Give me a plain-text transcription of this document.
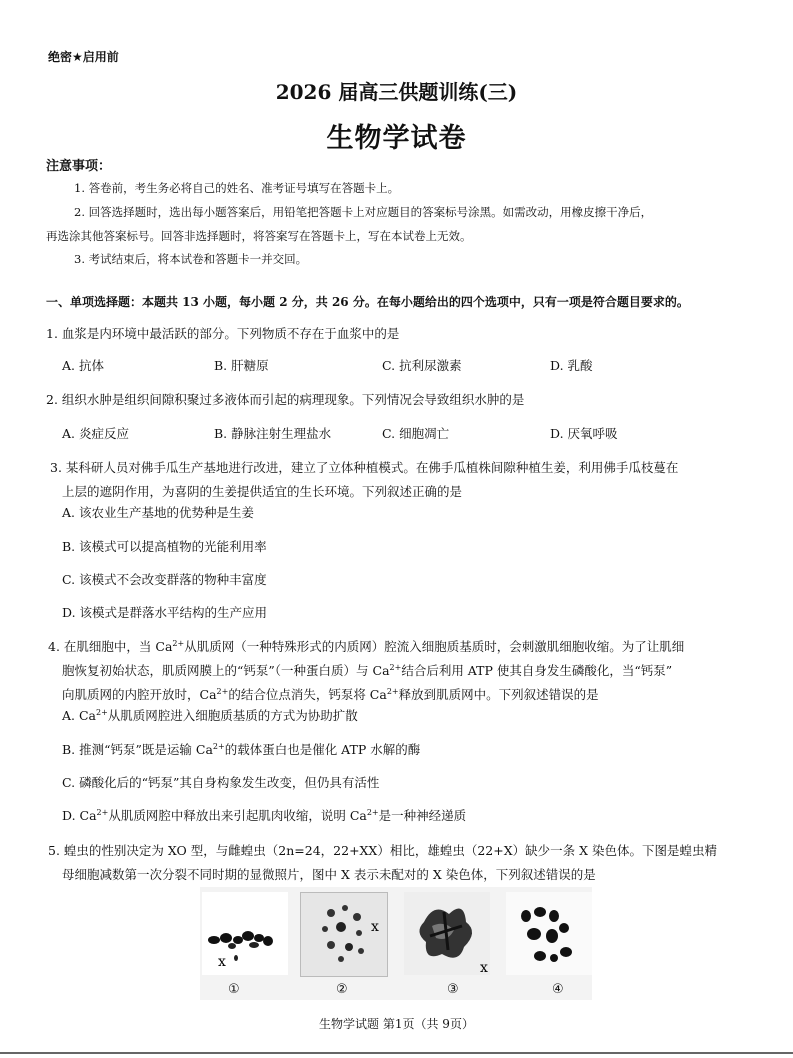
绝密★启用前
2026 届高三供题训练(三)
生物学试卷
注意事项：
1. 答卷前，考生务必将自己的姓名、准考证号填写在答题卡上。
2. 回答选择题时，选出每小题答案后，用铅笔把答题卡上对应题目的答案标号涂黑。如需改动，用橡皮擦干净后，
再选涂其他答案标号。回答非选择题时，将答案写在答题卡上，写在本试卷上无效。
3. 考试结束后，将本试卷和答题卡一并交回。
一、单项选择题：本题共 13 小题，每小题 2 分，共 26 分。在每小题给出的四个选项中，只有一项是符合题目要求的。
1. 血浆是内环境中最活跃的部分。下列物质不存在于血浆中的是
A. 抗体	B. 肝糖原	C. 抗利尿激素	D. 乳酸
2. 组织水肿是组织间隙积聚过多液体而引起的病理现象。下列情况会导致组织水肿的是
A. 炎症反应	B. 静脉注射生理盐水	C. 细胞凋亡	D. 厌氧呼吸
3. 某科研人员对佛手瓜生产基地进行改进，建立了立体种植模式。在佛手瓜植株间隙种植生姜，利用佛手瓜枝蔓在
上层的遮阴作用，为喜阴的生姜提供适宜的生长环境。下列叙述正确的是
A. 该农业生产基地的优势种是生姜
B. 该模式可以提高植物的光能利用率
C. 该模式不会改变群落的物种丰富度
D. 该模式是群落水平结构的生产应用
4. 在肌细胞中，当 $Ca^{2+}$从肌质网（一种特殊形式的内质网）腔流入细胞质基质时，会刺激肌细胞收缩。为了让肌细
胞恢复初始状态，肌质网膜上的“钙泵”（一种蛋白质）与 $Ca^{2+}$结合后利用 ATP 使其自身发生磷酸化，当“钙泵”
向肌质网的内腔开放时，$Ca^{2+}$的结合位点消失，钙泵将 $Ca^{2+}$释放到肌质网中。下列叙述错误的是
A. $Ca^{2+}$从肌质网腔进入细胞质基质的方式为协助扩散
B. 推测“钙泵”既是运输 $Ca^{2+}$的载体蛋白也是催化 ATP 水解的酶
C. 磷酸化后的“钙泵”其自身构象发生改变，但仍具有活性
D. $Ca^{2+}$从肌质网腔中释放出来引起肌肉收缩，说明 $Ca^{2+}$是一种神经递质
5. 蝗虫的性别决定为 XO 型，与雌蝗虫（2n=24，22+XX）相比，雄蝗虫（22+X）缺少一条 X 染色体。下图是蝗虫精
母细胞减数第一次分裂不同时期的显微照片，图中 X 表示未配对的 X 染色体，下列叙述错误的是
x
x
x
①	②	③	④
生物学试题 第1页（共 9页）
